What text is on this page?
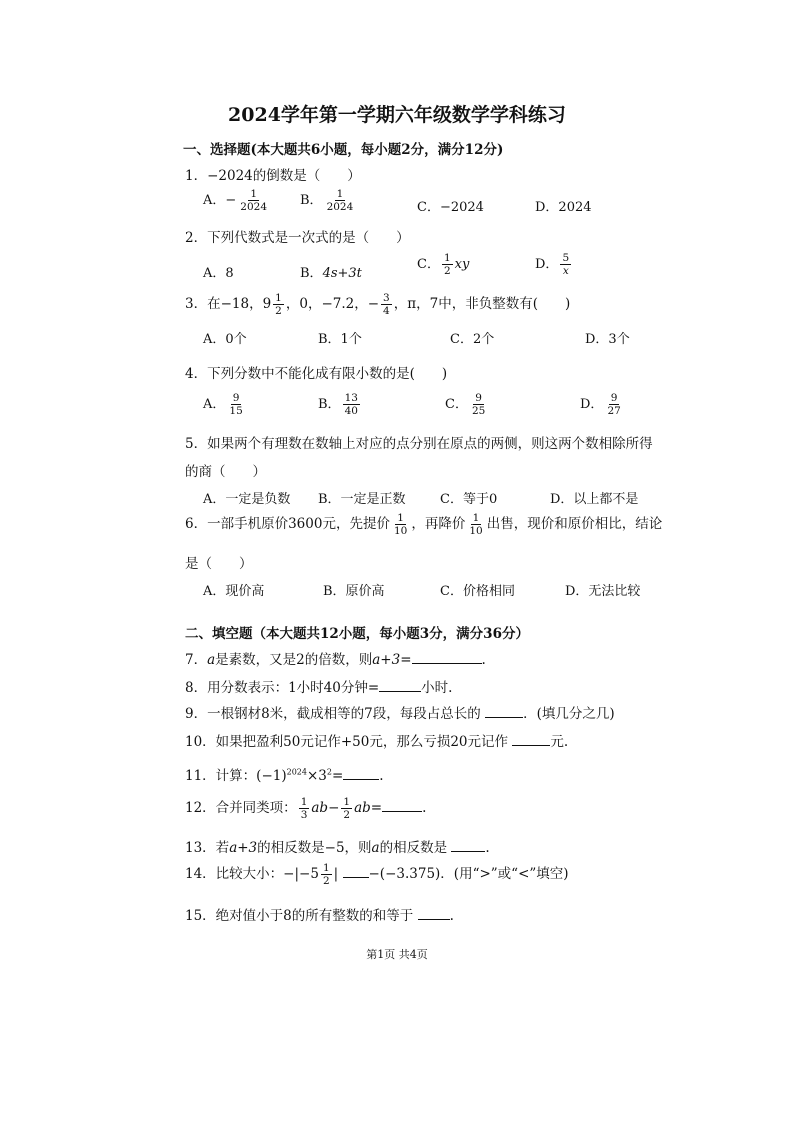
2024学年第一学期六年级数学学科练习
一、选择题(本大题共6小题，每小题2分，满分12分)
1．−2024的倒数是（　　）
A．− $\frac{1}{2024}$ B． $\frac{1}{2024}$	C．−2024	D．2024
2．下列代数式是一次式的是（　　）
A．8	B．4s+3t
C． $\frac{1}{2}$ xy	D． $\frac{5}{x}$
3．在−18，$9 \frac{1}{2}$ ，0，−7.2，− $\frac{3}{4}$ ，π，7中，非负整数有(　　)
A．0个	B．1个	C．2个	D．3个
4．下列分数中不能化成有限小数的是(　　)
A． $\frac{9}{15}$	B． $\frac{13}{40}$	C． $\frac{9}{25}$	D． $\frac{9}{27}$
5．如果两个有理数在数轴上对应的点分别在原点的两侧，则这两个数相除所得
的商（　　）
A．一定是负数 B．一定是正数	C．等于0	D．以上都不是
6．一部手机原价3600元，先提价 $\frac{1}{10}$ ，再降价 $\frac{1}{10}$ 出售，现价和原价相比，结论
是（　　）
A．现价高	B．原价高	C．价格相同	D．无法比较
二、填空题（本大题共12小题，每小题3分，满分36分）
7．a是素数，又是2的倍数，则a+3=	.
8．用分数表示：1小时40分钟=	小时.
9．一根钢材8米，截成相等的7段，每段占总长的	．(填几分之几)
10．如果把盈利50元记作+50元，那么亏损20元记作	元.
11．计算：$(-1)^{2024}\times 3^2=$	.
12．合并同类项： $\frac{1}{3} ab- \frac{1}{2} ab=$	.
13．若a+3的相反数是−5，则a的相反数是	.
14．比较大小：$-|-5 \frac{1}{2}$ | −(−3.375)．(用“>”或“<”填空)
15．绝对值小于8的所有整数的和等于	.
第1页 共4页
